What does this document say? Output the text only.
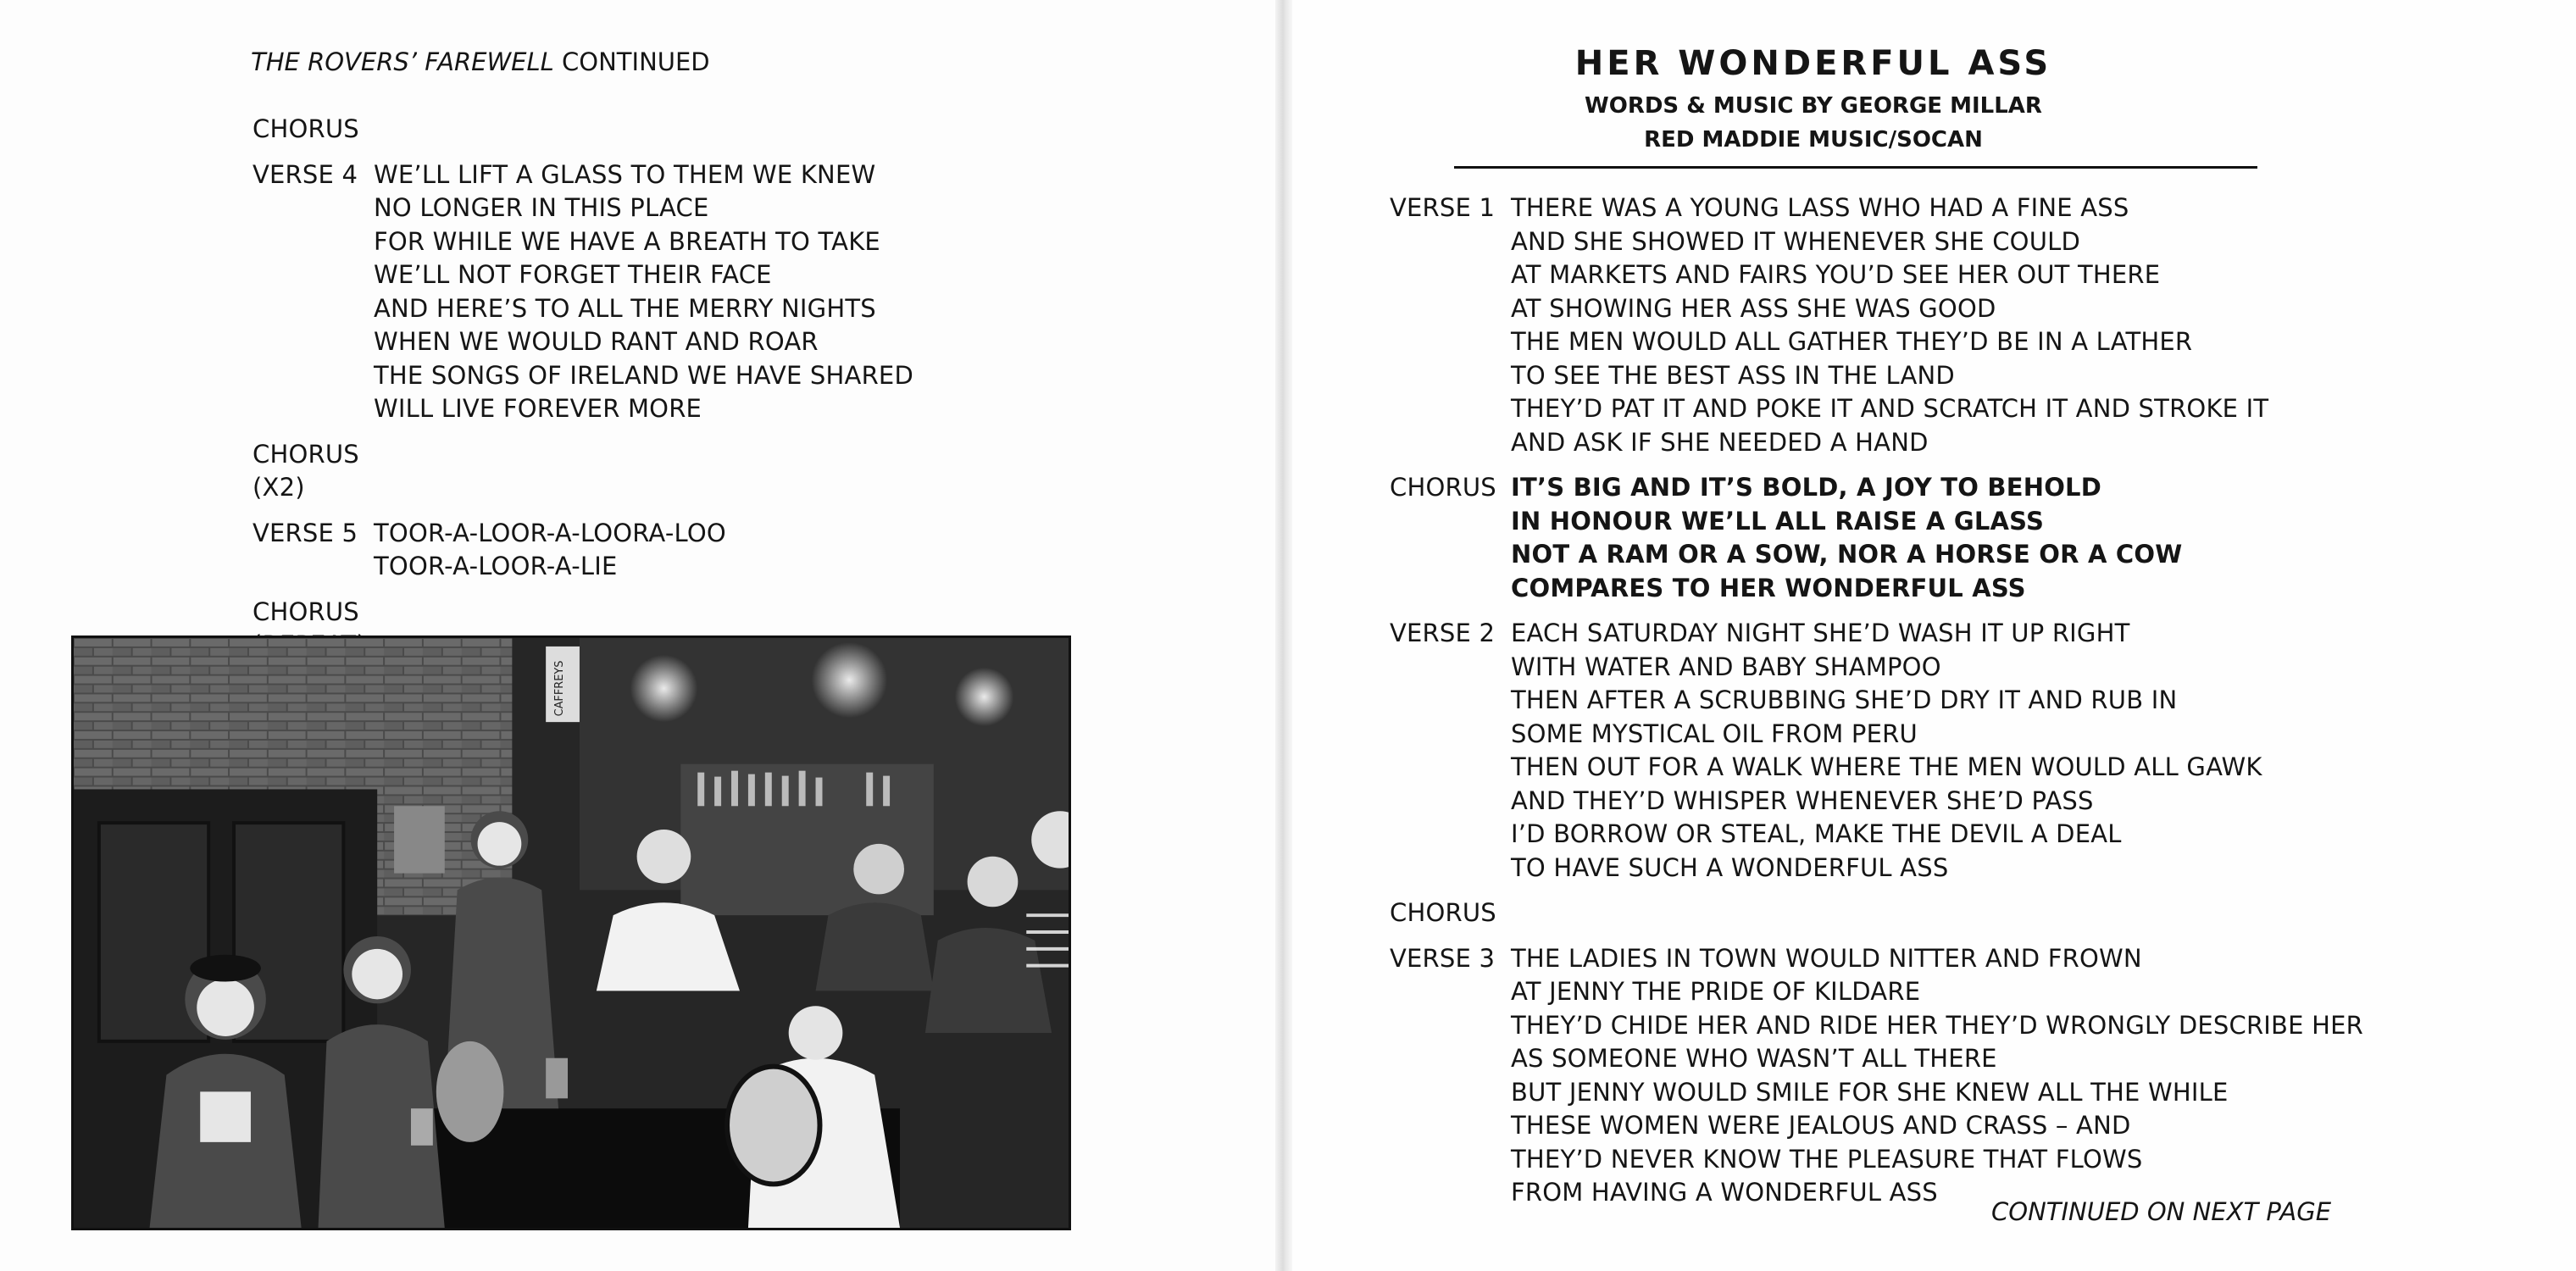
THE ROVERS’ FAREWELL CONTINUED
CHORUS
VERSE 4 WE’LL LIFT A GLASS TO THEM WE KNEW
NO LONGER IN THIS PLACE
FOR WHILE WE HAVE A BREATH TO TAKE
WE’LL NOT FORGET THEIR FACE
AND HERE’S TO ALL THE MERRY NIGHTS
WHEN WE WOULD RANT AND ROAR
THE SONGS OF IRELAND WE HAVE SHARED
WILL LIVE FOREVER MORE
CHORUS (X2)
VERSE 5 TOOR-A-LOOR-A-LOORA-LOO
TOOR-A-LOOR-A-LIE
CHORUS
CAFFREYS
HER WONDERFUL ASS
WORDS & MUSIC BY GEORGE MILLAR
RED MADDIE MUSIC/SOCAN
VERSE 1 THERE WAS A YOUNG LASS WHO HAD A FINE ASS
AND SHE SHOWED IT WHENEVER SHE COULD
AT MARKETS AND FAIRS YOU’D SEE HER OUT THERE
AT SHOWING HER ASS SHE WAS GOOD
THE MEN WOULD ALL GATHER THEY’D BE IN A LATHER
TO SEE THE BEST ASS IN THE LAND
THEY’D PAT IT AND POKE IT AND SCRATCH IT AND STROKE IT
AND ASK IF SHE NEEDED A HAND
CHORUS IT’S BIG AND IT’S BOLD, A JOY TO BEHOLD
IN HONOUR WE’LL ALL RAISE A GLASS
NOT A RAM OR A SOW, NOR A HORSE OR A COW
COMPARES TO HER WONDERFUL ASS
VERSE 2 EACH SATURDAY NIGHT SHE’D WASH IT UP RIGHT
WITH WATER AND BABY SHAMPOO
THEN AFTER A SCRUBBING SHE’D DRY IT AND RUB IN
SOME MYSTICAL OIL FROM PERU
THEN OUT FOR A WALK WHERE THE MEN WOULD ALL GAWK
AND THEY’D WHISPER WHENEVER SHE’D PASS
I’D BORROW OR STEAL, MAKE THE DEVIL A DEAL
TO HAVE SUCH A WONDERFUL ASS
CHORUS
VERSE 3 THE LADIES IN TOWN WOULD NITTER AND FROWN
AT JENNY THE PRIDE OF KILDARE
THEY’D CHIDE HER AND RIDE HER THEY’D WRONGLY DESCRIBE HER
AS SOMEONE WHO WASN’T ALL THERE
BUT JENNY WOULD SMILE FOR SHE KNEW ALL THE WHILE
THESE WOMEN WERE JEALOUS AND CRASS – AND
THEY’D NEVER KNOW THE PLEASURE THAT FLOWS
FROM HAVING A WONDERFUL ASS
CONTINUED ON NEXT PAGE
